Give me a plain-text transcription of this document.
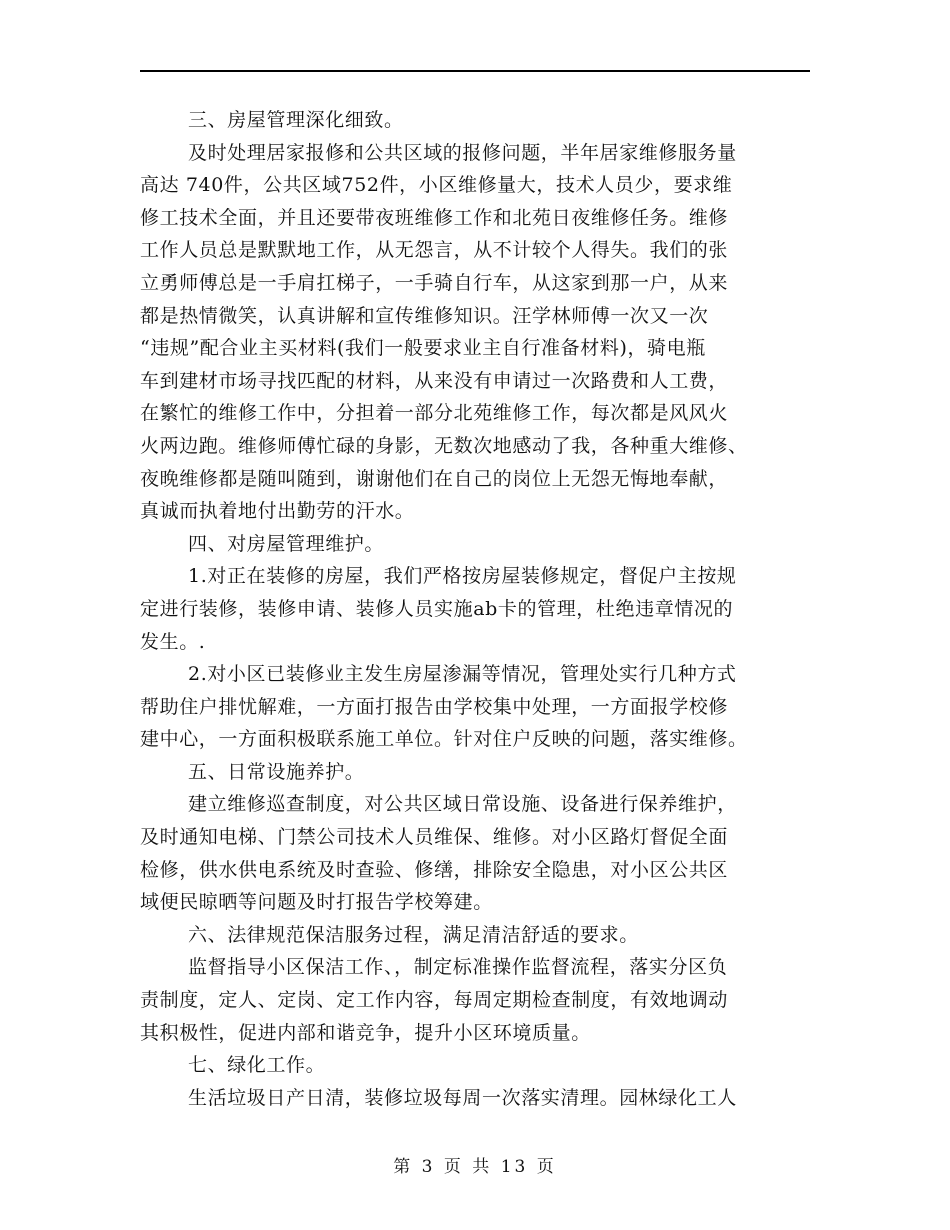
三、房屋管理深化细致。
及时处理居家报修和公共区域的报修问题，半年居家维修服务量
高达 740件，公共区域752件，小区维修量大，技术人员少，要求维
修工技术全面，并且还要带夜班维修工作和北苑日夜维修任务。维修
工作人员总是默默地工作，从无怨言，从不计较个人得失。我们的张
立勇师傅总是一手肩扛梯子，一手骑自行车，从这家到那一户，从来
都是热情微笑，认真讲解和宣传维修知识。汪学林师傅一次又一次
“违规”配合业主买材料(我们一般要求业主自行准备材料)，骑电瓶
车到建材市场寻找匹配的材料，从来没有申请过一次路费和人工费，
在繁忙的维修工作中，分担着一部分北苑维修工作，每次都是风风火
火两边跑。维修师傅忙碌的身影，无数次地感动了我，各种重大维修、
夜晚维修都是随叫随到，谢谢他们在自己的岗位上无怨无悔地奉献，
真诚而执着地付出勤劳的汗水。
四、对房屋管理维护。
1.对正在装修的房屋，我们严格按房屋装修规定，督促户主按规
定进行装修，装修申请、装修人员实施ab卡的管理，杜绝违章情况的
发生。.
2.对小区已装修业主发生房屋渗漏等情况，管理处实行几种方式
帮助住户排忧解难，一方面打报告由学校集中处理，一方面报学校修
建中心，一方面积极联系施工单位。针对住户反映的问题，落实维修。
五、日常设施养护。
建立维修巡查制度，对公共区域日常设施、设备进行保养维护，
及时通知电梯、门禁公司技术人员维保、维修。对小区路灯督促全面
检修，供水供电系统及时查验、修缮，排除安全隐患，对小区公共区
域便民晾晒等问题及时打报告学校筹建。
六、法律规范保洁服务过程，满足清洁舒适的要求。
监督指导小区保洁工作、，制定标准操作监督流程，落实分区负
责制度，定人、定岗、定工作内容，每周定期检查制度，有效地调动
其积极性，促进内部和谐竞争，提升小区环境质量。
七、绿化工作。
生活垃圾日产日清，装修垃圾每周一次落实清理。园林绿化工人
第 3 页 共 13 页
